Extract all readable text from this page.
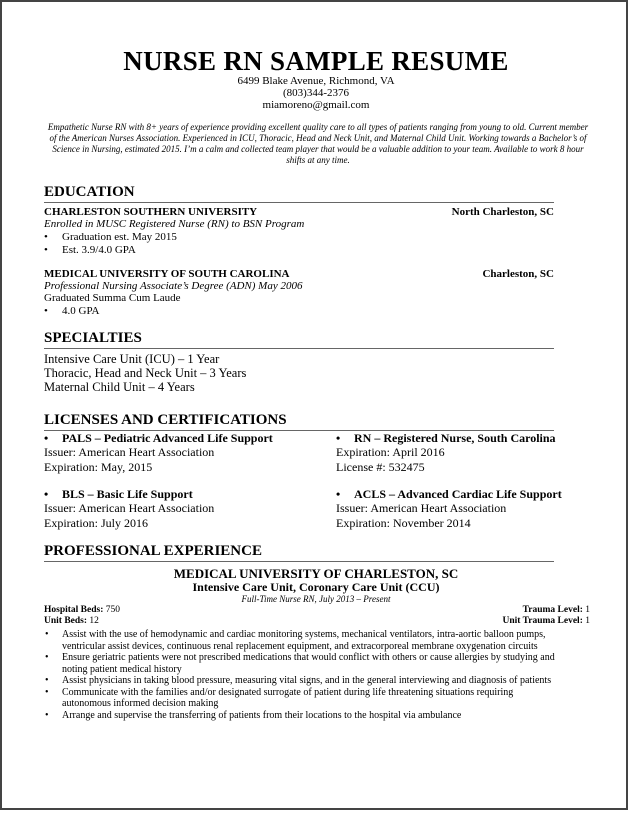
NURSE RN SAMPLE RESUME
6499 Blake Avenue, Richmond, VA
(803)344-2376
miamoreno@gmail.com
Empathetic Nurse RN with 8+ years of experience providing excellent quality care to all types of patients ranging from young to old. Current member of the American Nurses Association. Experienced in ICU, Thoracic, Head and Neck Unit, and Maternal Child Unit. Working towards a Bachelor’s of Science in Nursing, estimated 2015. I’m a calm and collected team player that would be a valuable addition to your team. Available to work 8 hour shifts at any time.
EDUCATION
CHARLESTON SOUTHERN UNIVERSITY	North Charleston, SC
Enrolled in MUSC Registered Nurse (RN) to BSN Program
• Graduation est. May 2015
• Est. 3.9/4.0 GPA
MEDICAL UNIVERSITY OF SOUTH CAROLINA	Charleston, SC
Professional Nursing Associate’s Degree (ADN) May 2006
Graduated Summa Cum Laude
• 4.0 GPA
SPECIALTIES
Intensive Care Unit (ICU) – 1 Year
Thoracic, Head and Neck Unit – 3 Years
Maternal Child Unit – 4 Years
LICENSES AND CERTIFICATIONS
• PALS – Pediatric Advanced Life Support
Issuer: American Heart Association
Expiration: May, 2015
• RN – Registered Nurse, South Carolina
Expiration: April 2016
License #: 532475
• BLS – Basic Life Support
Issuer: American Heart Association
Expiration: July 2016
• ACLS – Advanced Cardiac Life Support
Issuer: American Heart Association
Expiration: November 2014
PROFESSIONAL EXPERIENCE
MEDICAL UNIVERSITY OF CHARLESTON, SC
Intensive Care Unit, Coronary Care Unit (CCU)
Full-Time Nurse RN, July 2013 – Present
Hospital Beds: 750
Unit Beds: 12
Trauma Level: 1
Unit Trauma Level: 1
• Assist with the use of hemodynamic and cardiac monitoring systems, mechanical ventilators, intra-aortic balloon pumps, ventricular assist devices, continuous renal replacement equipment, and extracorporeal membrane oxygenation circuits
• Ensure geriatric patients were not prescribed medications that would conflict with others or cause allergies by studying and noting patient medical history
• Assist physicians in taking blood pressure, measuring vital signs, and in the general interviewing and diagnosis of patients
• Communicate with the families and/or designated surrogate of patient during life threatening situations requiring autonomous informed decision making
• Arrange and supervise the transferring of patients from their locations to the hospital via ambulance
